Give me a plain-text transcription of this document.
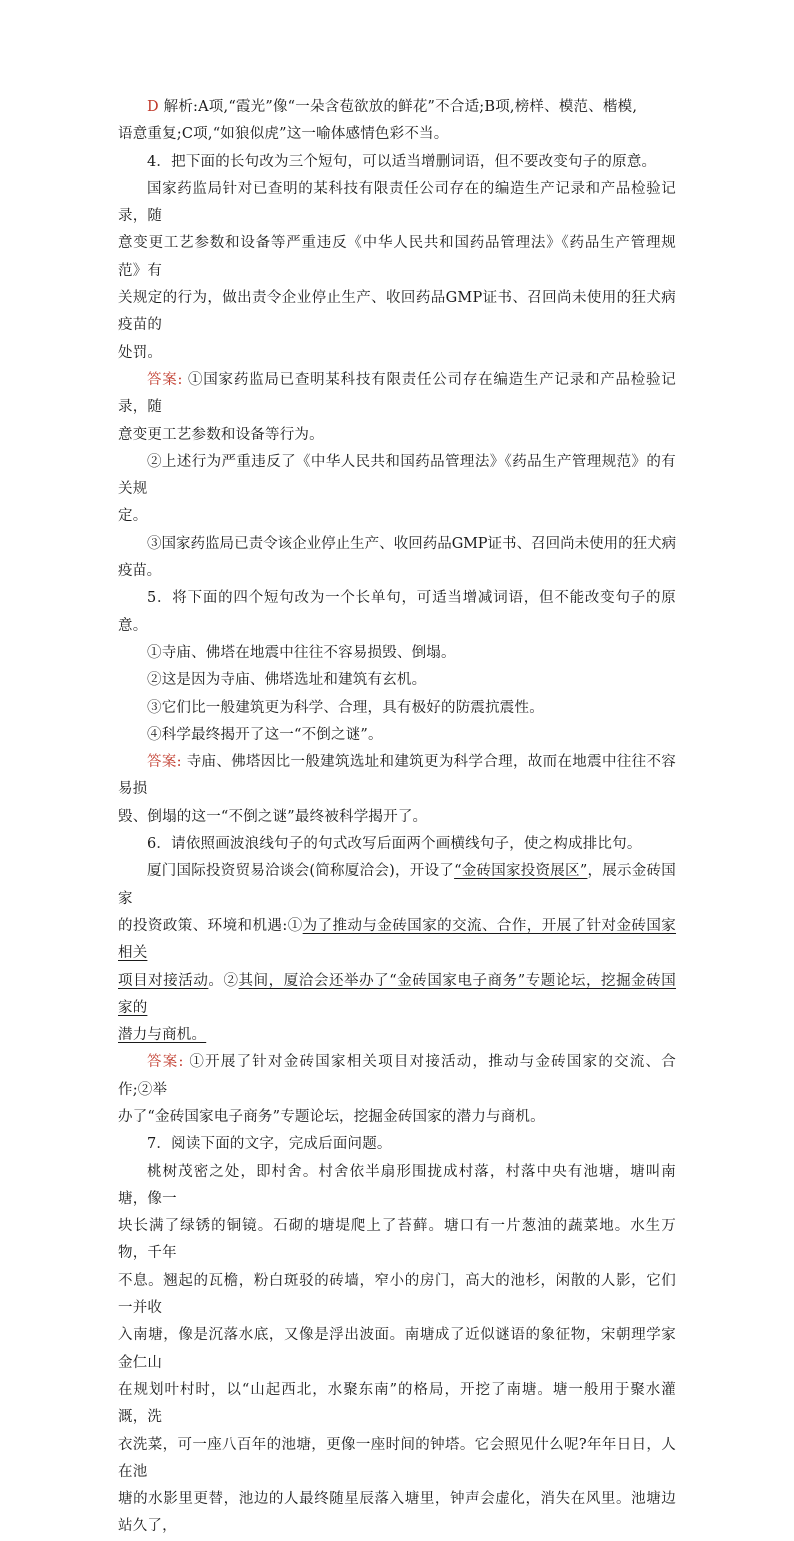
D 解析:A项,“霞光”像“一朵含苞欲放的鲜花”不合适;B项,榜样、模范、楷模,

语意重复;C项,“如狼似虎”这一喻体感情色彩不当。

4．把下面的长句改为三个短句，可以适当增删词语，但不要改变句子的原意。

国家药监局针对已查明的某科技有限责任公司存在的编造生产记录和产品检验记录，随

意变更工艺参数和设备等严重违反《中华人民共和国药品管理法》《药品生产管理规范》有

关规定的行为，做出责令企业停止生产、收回药品GMP证书、召回尚未使用的狂犬病疫苗的

处罚。

答案: ①国家药监局已查明某科技有限责任公司存在编造生产记录和产品检验记录，随

意变更工艺参数和设备等行为。

②上述行为严重违反了《中华人民共和国药品管理法》《药品生产管理规范》的有关规

定。

③国家药监局已责令该企业停止生产、收回药品GMP证书、召回尚未使用的狂犬病疫苗。

5．将下面的四个短句改为一个长单句，可适当增减词语，但不能改变句子的原意。

①寺庙、佛塔在地震中往往不容易损毁、倒塌。

②这是因为寺庙、佛塔选址和建筑有玄机。

③它们比一般建筑更为科学、合理，具有极好的防震抗震性。

④科学最终揭开了这一“不倒之谜”。

答案: 寺庙、佛塔因比一般建筑选址和建筑更为科学合理，故而在地震中往往不容易损

毁、倒塌的这一“不倒之谜”最终被科学揭开了。

6．请依照画波浪线句子的句式改写后面两个画横线句子，使之构成排比句。

厦门国际投资贸易洽谈会(简称厦洽会)，开设了“金砖国家投资展区”，展示金砖国家

的投资政策、环境和机遇:①为了推动与金砖国家的交流、合作，开展了针对金砖国家相关

项目对接活动。②其间，厦洽会还举办了“金砖国家电子商务”专题论坛，挖掘金砖国家的

潜力与商机。

答案: ①开展了针对金砖国家相关项目对接活动，推动与金砖国家的交流、合作;②举

办了“金砖国家电子商务”专题论坛，挖掘金砖国家的潜力与商机。

7．阅读下面的文字，完成后面问题。

桃树茂密之处，即村舍。村舍依半扇形围拢成村落，村落中央有池塘，塘叫南塘，像一

块长满了绿锈的铜镜。石砌的塘堤爬上了苔藓。塘口有一片葱油的蔬菜地。水生万物，千年

不息。翘起的瓦檐，粉白斑驳的砖墙，窄小的房门，高大的池杉，闲散的人影，它们一并收

入南塘，像是沉落水底，又像是浮出波面。南塘成了近似谜语的象征物，宋朝理学家金仁山

在规划叶村时，以“山起西北，水聚东南”的格局，开挖了南塘。塘一般用于聚水灌溉，洗

衣洗菜，可一座八百年的池塘，更像一座时间的钟塔。它会照见什么呢?年年日日，人在池

塘的水影里更替，池边的人最终随星辰落入塘里，钟声会虚化，消失在风里。池塘边站久了，
